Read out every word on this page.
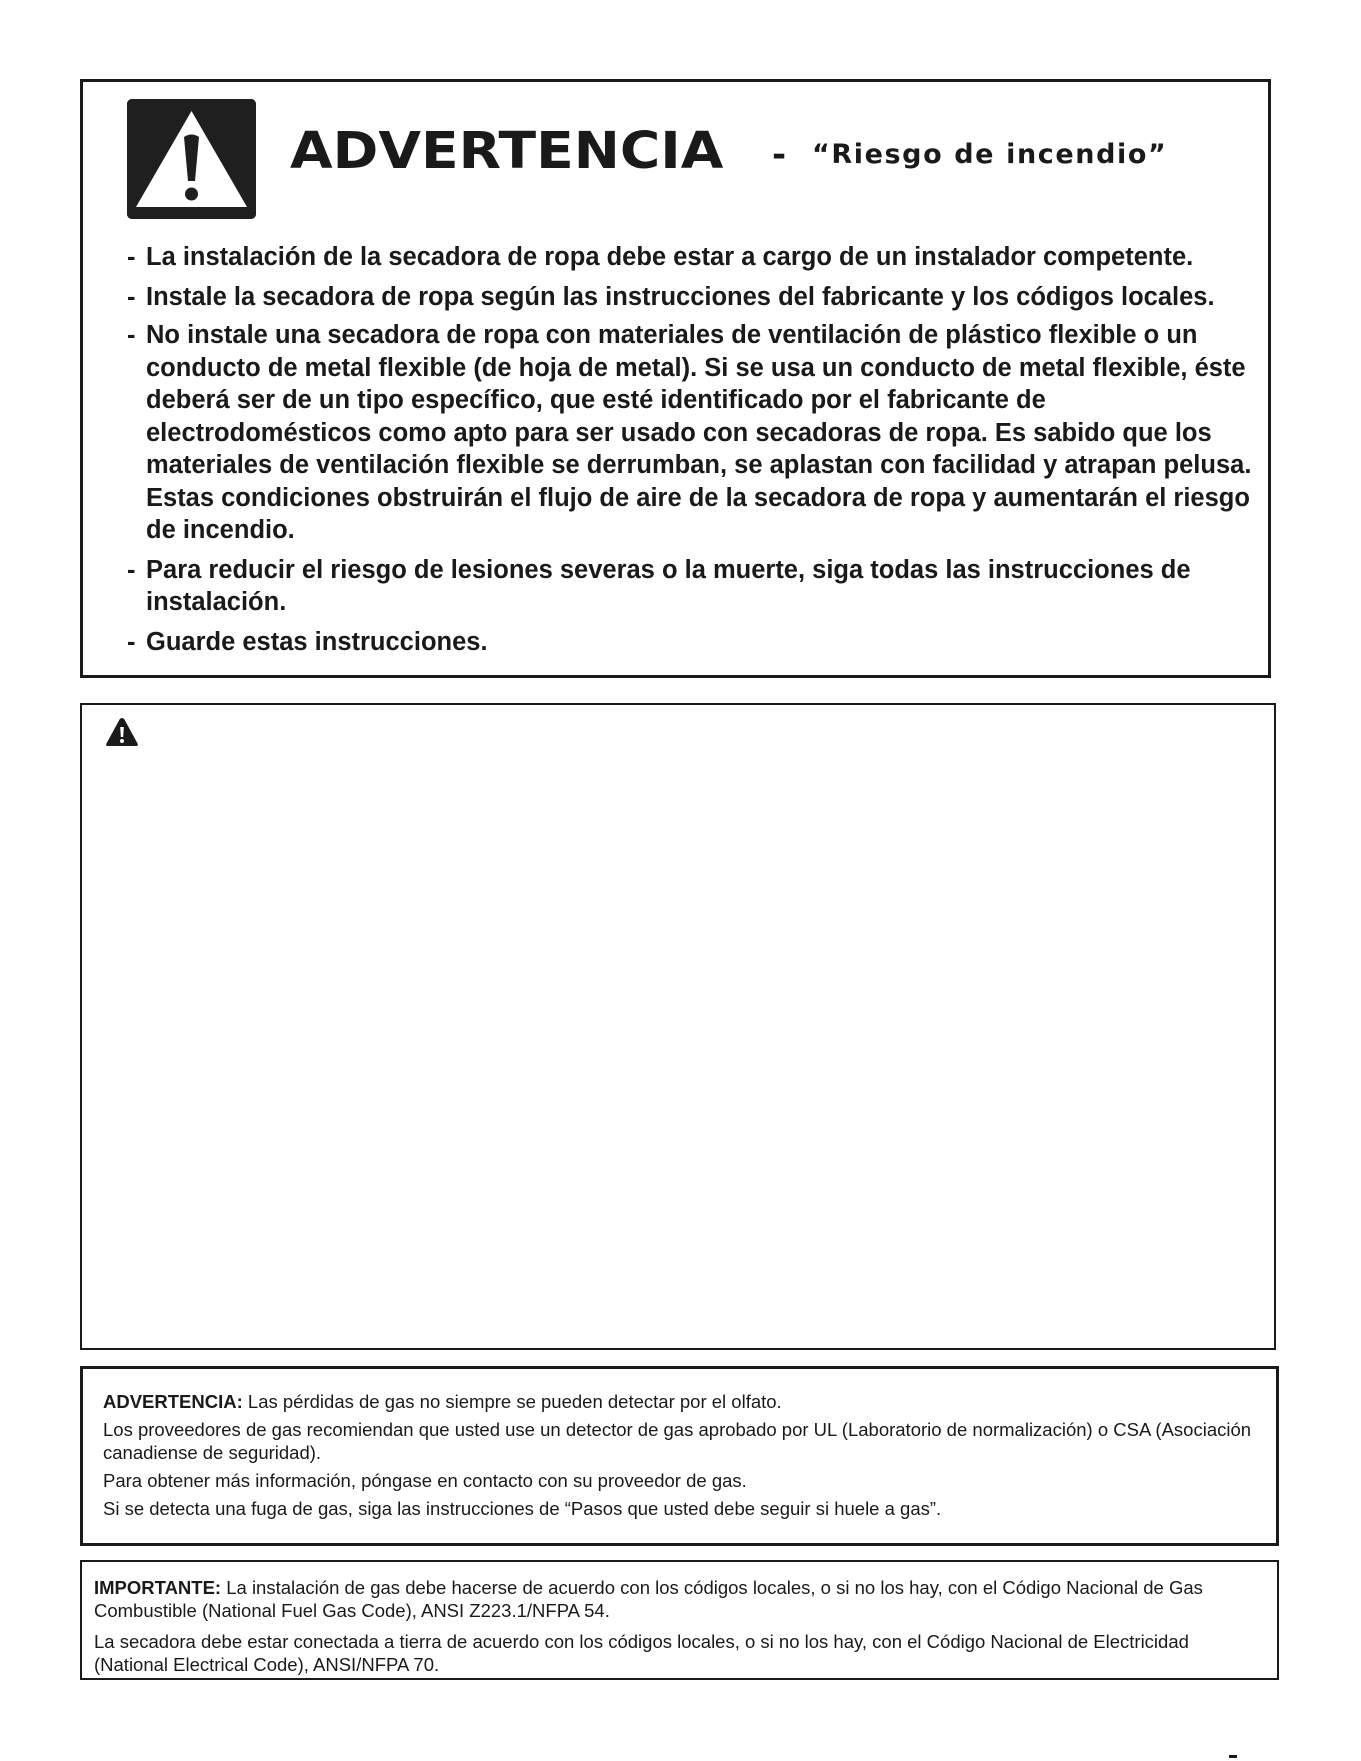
ADVERTENCIA - “Riesgo de incendio”
- La instalación de la secadora de ropa debe estar a cargo de un instalador competente.
- Instale la secadora de ropa según las instrucciones del fabricante y los códigos locales.
- No instale una secadora de ropa con materiales de ventilación de plástico flexible o un conducto de metal flexible (de hoja de metal). Si se usa un conducto de metal flexible, éste deberá ser de un tipo específico, que esté identificado por el fabricante de electrodomésticos como apto para ser usado con secadoras de ropa. Es sabido que los materiales de ventilación flexible se derrumban, se aplastan con facilidad y atrapan pelusa. Estas condiciones obstruirán el flujo de aire de la secadora de ropa y aumentarán el riesgo de incendio.
- Para reducir el riesgo de lesiones severas o la muerte, siga todas las instrucciones de instalación.
- Guarde estas instrucciones.

ADVERTENCIA: Las pérdidas de gas no siempre se pueden detectar por el olfato.

Los proveedores de gas recomiendan que usted use un detector de gas aprobado por UL (Laboratorio de normalización) o CSA (Asociación canadiense de seguridad).

Para obtener más información, póngase en contacto con su proveedor de gas.

Si se detecta una fuga de gas, siga las instrucciones de “Pasos que usted debe seguir si huele a gas”.

IMPORTANTE: La instalación de gas debe hacerse de acuerdo con los códigos locales, o si no los hay, con el Código Nacional de Gas Combustible (National Fuel Gas Code), ANSI Z223.1/NFPA 54.

La secadora debe estar conectada a tierra de acuerdo con los códigos locales, o si no los hay, con el Código Nacional de Electricidad (National Electrical Code), ANSI/NFPA 70.
